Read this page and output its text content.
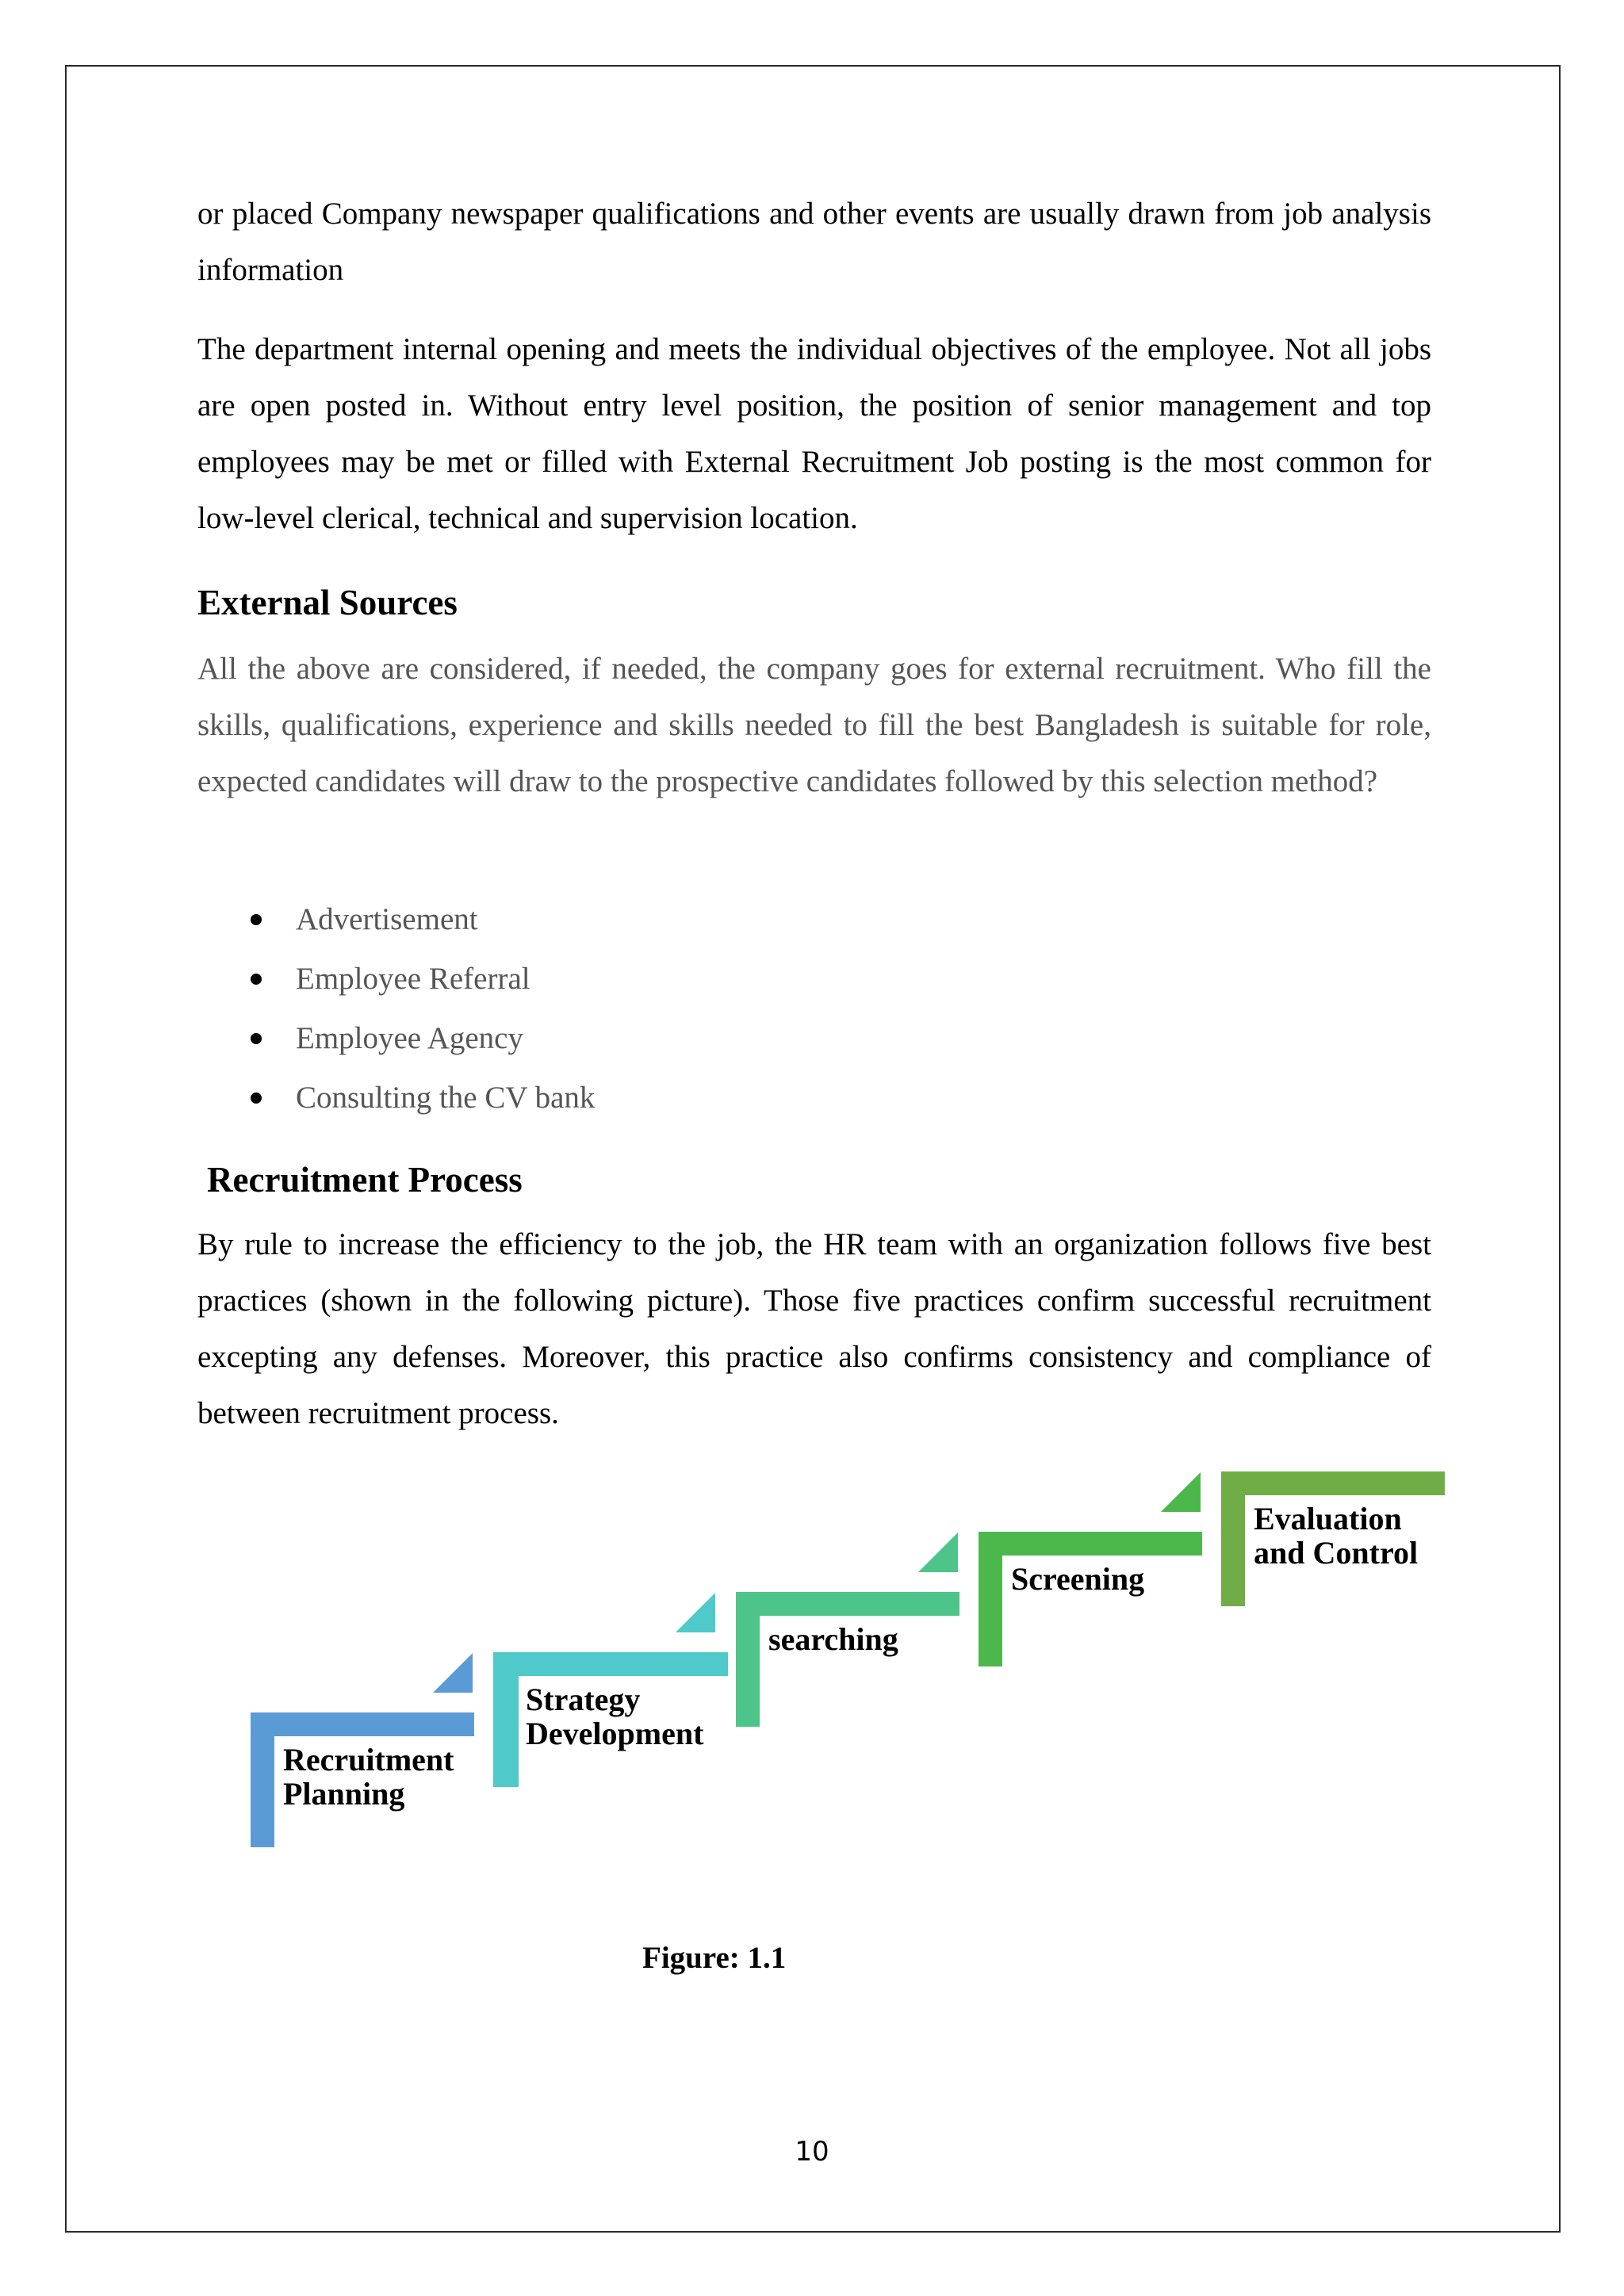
or placed Company newspaper qualifications and other events are usually drawn from job analysis information

The department internal opening and meets the individual objectives of the employee. Not all jobs are open posted in. Without entry level position, the position of senior management and top employees may be met or filled with External Recruitment Job posting is the most common for low-level clerical, technical and supervision location.

External Sources

All the above are considered, if needed, the company goes for external recruitment. Who fill the skills, qualifications, experience and skills needed to fill the best Bangladesh is suitable for role, expected candidates will draw to the prospective candidates followed by this selection method?

Advertisement
Employee Referral
Employee Agency
Consulting the CV bank
Recruitment Process

By rule to increase the efficiency to the job, the HR team with an organization follows five best practices (shown in the following picture). Those five practices confirm successful recruitment excepting any defenses. Moreover, this practice also confirms consistency and compliance of between recruitment process.

Recruitment
Planning
Strategy
Development
searching
Screening
Evaluation
and Control
Figure: 1.1
10
